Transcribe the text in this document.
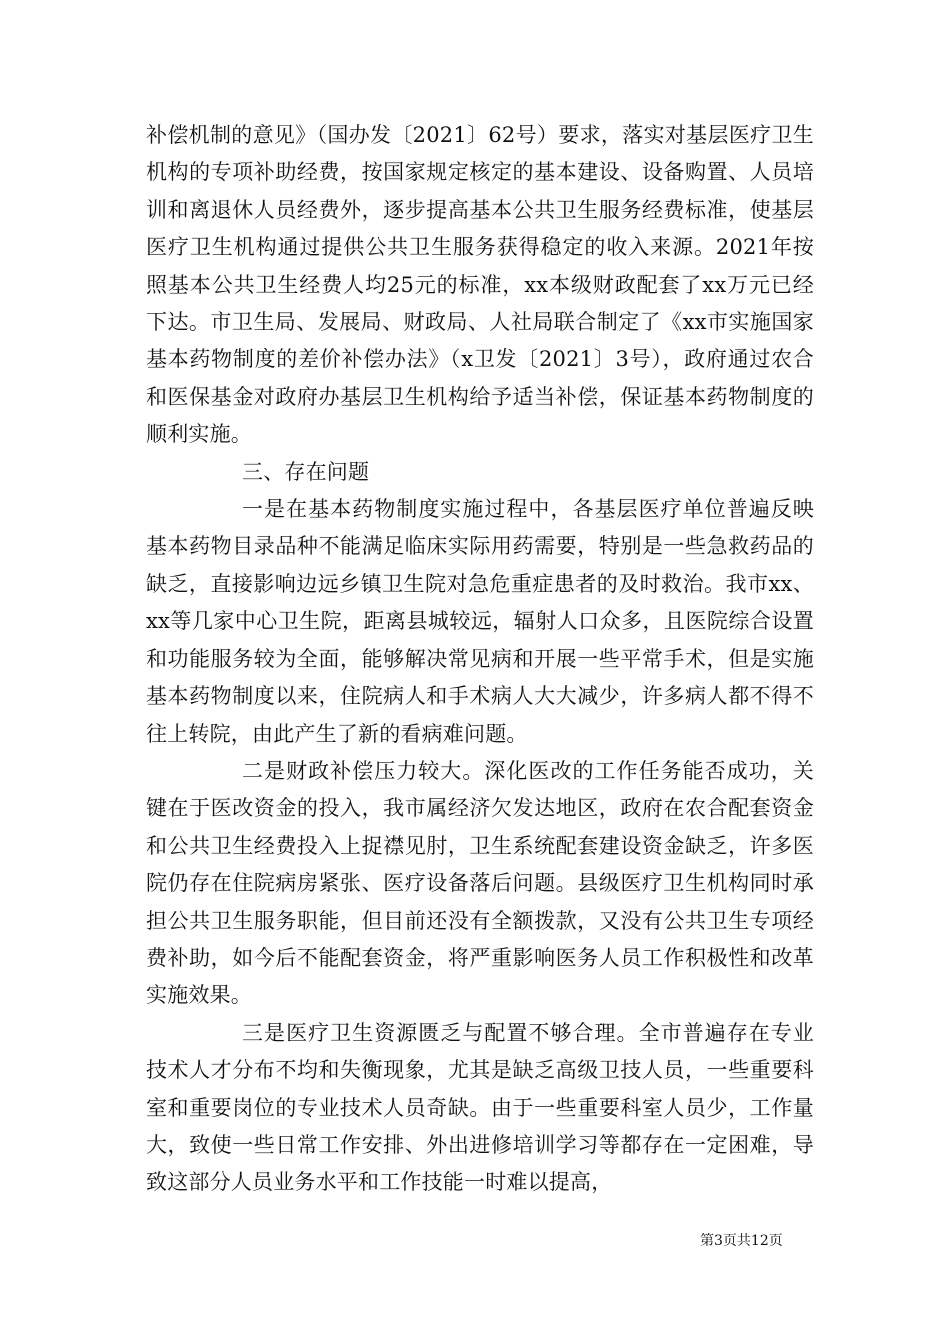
补偿机制的意见》（国办发〔2021〕62号）要求，落实对基层医疗卫生机构的专项补助经费，按国家规定核定的基本建设、设备购置、人员培训和离退休人员经费外，逐步提高基本公共卫生服务经费标准，使基层医疗卫生机构通过提供公共卫生服务获得稳定的收入来源。2021年按照基本公共卫生经费人均25元的标准，xx本级财政配套了xx万元已经下达。市卫生局、发展局、财政局、人社局联合制定了《xx市实施国家基本药物制度的差价补偿办法》（x卫发〔2021〕3号），政府通过农合和医保基金对政府办基层卫生机构给予适当补偿，保证基本药物制度的顺利实施。

三、存在问题

一是在基本药物制度实施过程中，各基层医疗单位普遍反映基本药物目录品种不能满足临床实际用药需要，特别是一些急救药品的缺乏，直接影响边远乡镇卫生院对急危重症患者的及时救治。我市xx、xx等几家中心卫生院，距离县城较远，辐射人口众多，且医院综合设置和功能服务较为全面，能够解决常见病和开展一些平常手术，但是实施基本药物制度以来，住院病人和手术病人大大减少，许多病人都不得不往上转院，由此产生了新的看病难问题。

二是财政补偿压力较大。深化医改的工作任务能否成功，关键在于医改资金的投入，我市属经济欠发达地区，政府在农合配套资金和公共卫生经费投入上捉襟见肘，卫生系统配套建设资金缺乏，许多医院仍存在住院病房紧张、医疗设备落后问题。县级医疗卫生机构同时承担公共卫生服务职能，但目前还没有全额拨款，又没有公共卫生专项经费补助，如今后不能配套资金，将严重影响医务人员工作积极性和改革实施效果。

三是医疗卫生资源匮乏与配置不够合理。全市普遍存在专业技术人才分布不均和失衡现象，尤其是缺乏高级卫技人员，一些重要科室和重要岗位的专业技术人员奇缺。由于一些重要科室人员少，工作量大，致使一些日常工作安排、外出进修培训学习等都存在一定困难，导致这部分人员业务水平和工作技能一时难以提高，

第3页共12页
